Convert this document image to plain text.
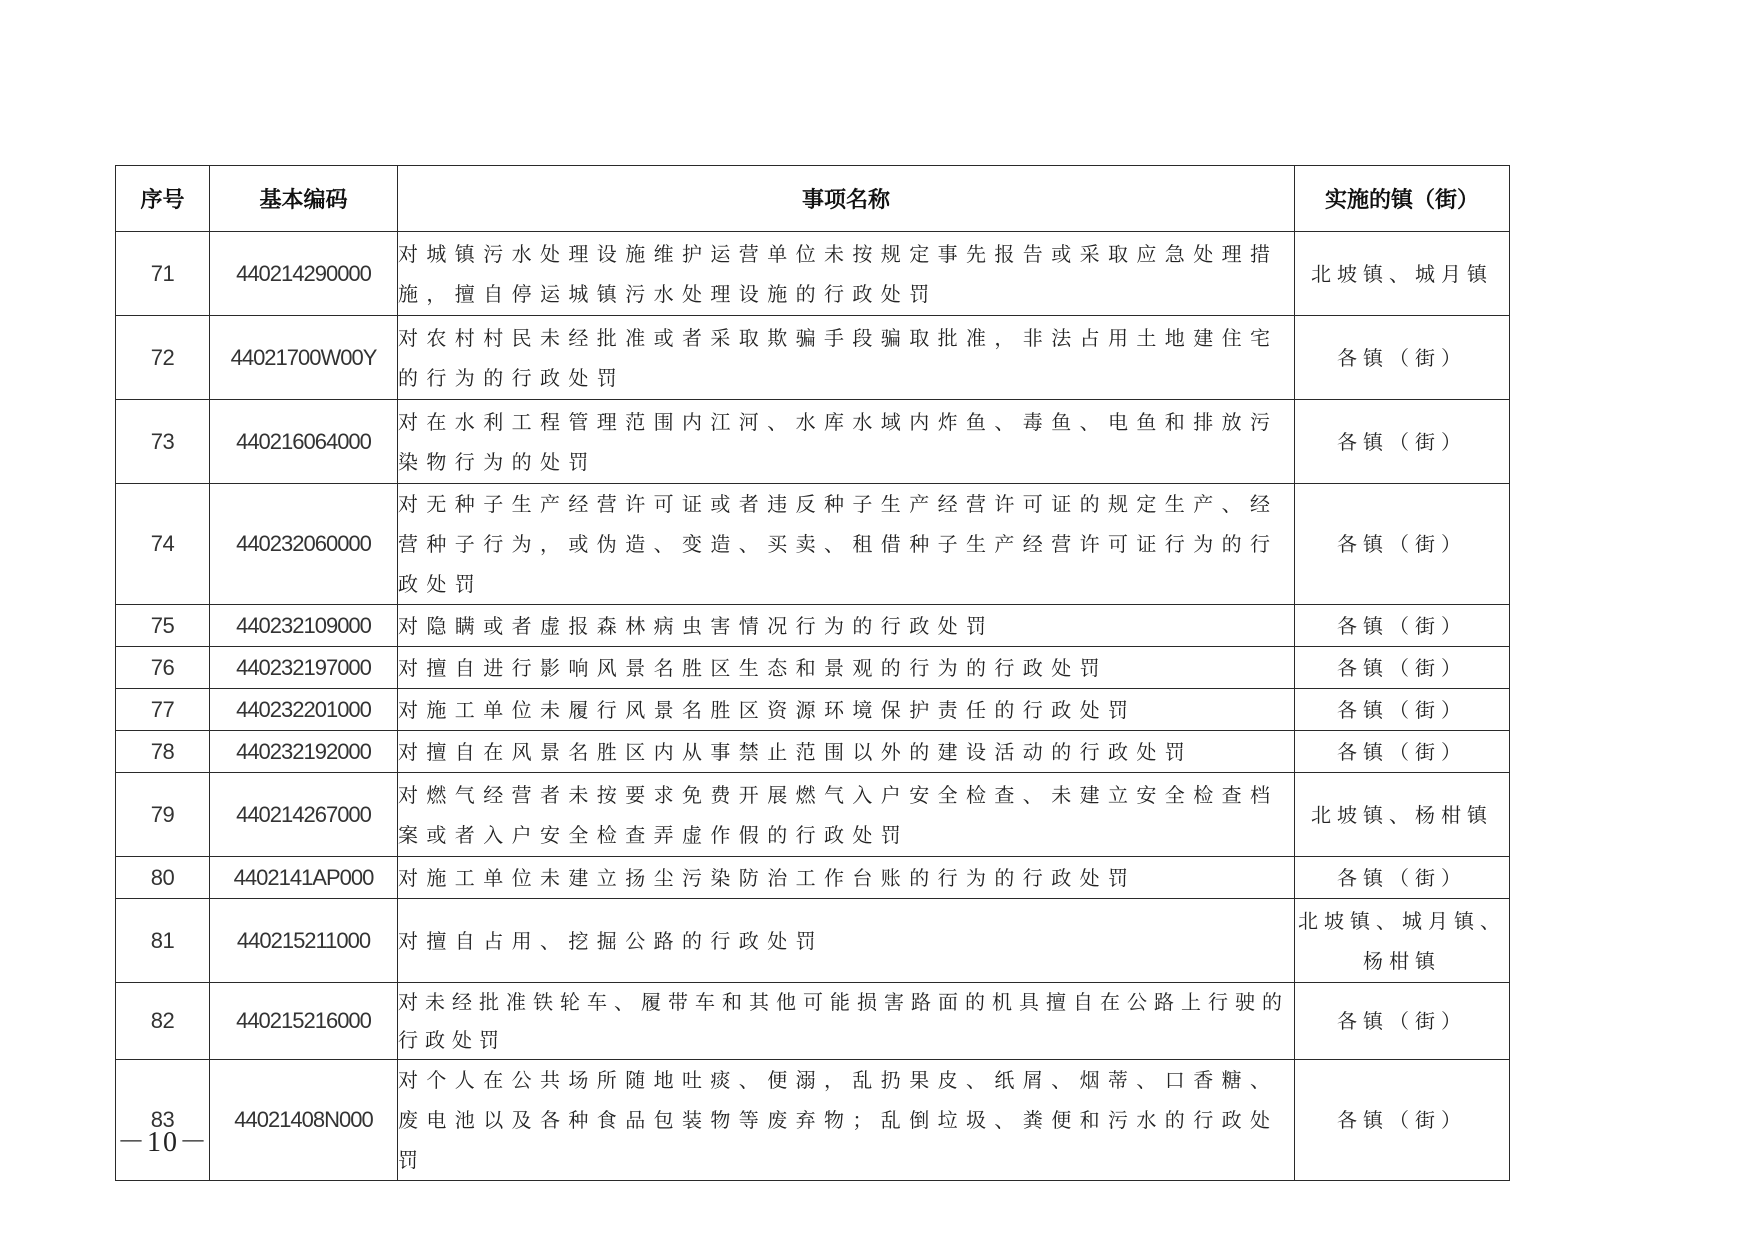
序号	基本编码	事项名称	实施的镇（街）
71	440214290000	对城镇污水处理设施维护运营单位未按规定事先报告或采取应急处理措施，擅自停运城镇污水处理设施的行政处罚	北坡镇、城月镇
72	44021700W00Y	对农村村民未经批准或者采取欺骗手段骗取批准，非法占用土地建住宅的行为的行政处罚	各镇（街）
73	440216064000	对在水利工程管理范围内江河、水库水域内炸鱼、毒鱼、电鱼和排放污染物行为的处罚	各镇（街）
74	440232060000	对无种子生产经营许可证或者违反种子生产经营许可证的规定生产、经营种子行为，或伪造、变造、买卖、租借种子生产经营许可证行为的行政处罚	各镇（街）
75	440232109000	对隐瞒或者虚报森林病虫害情况行为的行政处罚	各镇（街）
76	440232197000	对擅自进行影响风景名胜区生态和景观的行为的行政处罚	各镇（街）
77	440232201000	对施工单位未履行风景名胜区资源环境保护责任的行政处罚	各镇（街）
78	440232192000	对擅自在风景名胜区内从事禁止范围以外的建设活动的行政处罚	各镇（街）
79	440214267000	对燃气经营者未按要求免费开展燃气入户安全检查、未建立安全检查档案或者入户安全检查弄虚作假的行政处罚	北坡镇、杨柑镇
80	4402141AP000	对施工单位未建立扬尘污染防治工作台账的行为的行政处罚	各镇（街）
81	440215211000	对擅自占用、挖掘公路的行政处罚	北坡镇、城月镇、杨柑镇
82	440215216000	对未经批准铁轮车、履带车和其他可能损害路面的机具擅自在公路上行驶的行政处罚	各镇（街）
83	44021408N000	对个人在公共场所随地吐痰、便溺，乱扔果皮、纸屑、烟蒂、口香糖、废电池以及各种食品包装物等废弃物；乱倒垃圾、粪便和污水的行政处罚	各镇（街）
－10－
